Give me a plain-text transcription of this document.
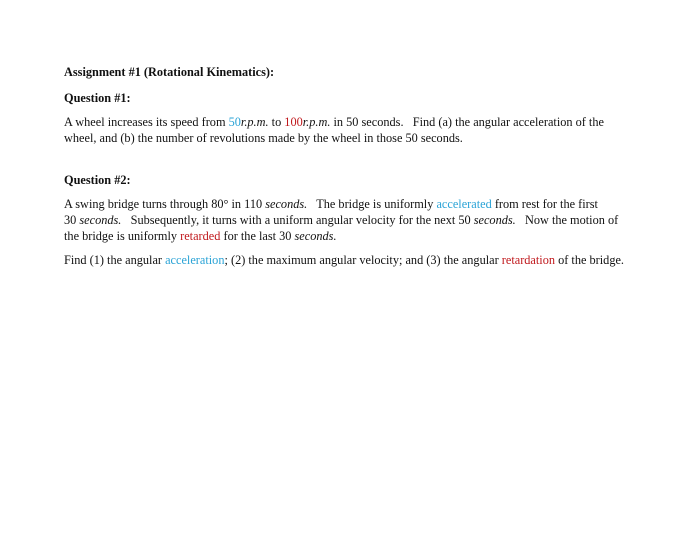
Assignment #1 (Rotational Kinematics):
Question #1:
A wheel increases its speed from 50r.p.m. to 100r.p.m. in 50 seconds.   Find (a) the angular acceleration of the
wheel, and (b) the number of revolutions made by the wheel in those 50 seconds.
Question #2:
A swing bridge turns through 80° in 110 seconds.   The bridge is uniformly accelerated from rest for the first
30 seconds.   Subsequently, it turns with a uniform angular velocity for the next 50 seconds.   Now the motion of
the bridge is uniformly retarded for the last 30 seconds.
Find (1) the angular acceleration; (2) the maximum angular velocity; and (3) the angular retardation of the bridge.
